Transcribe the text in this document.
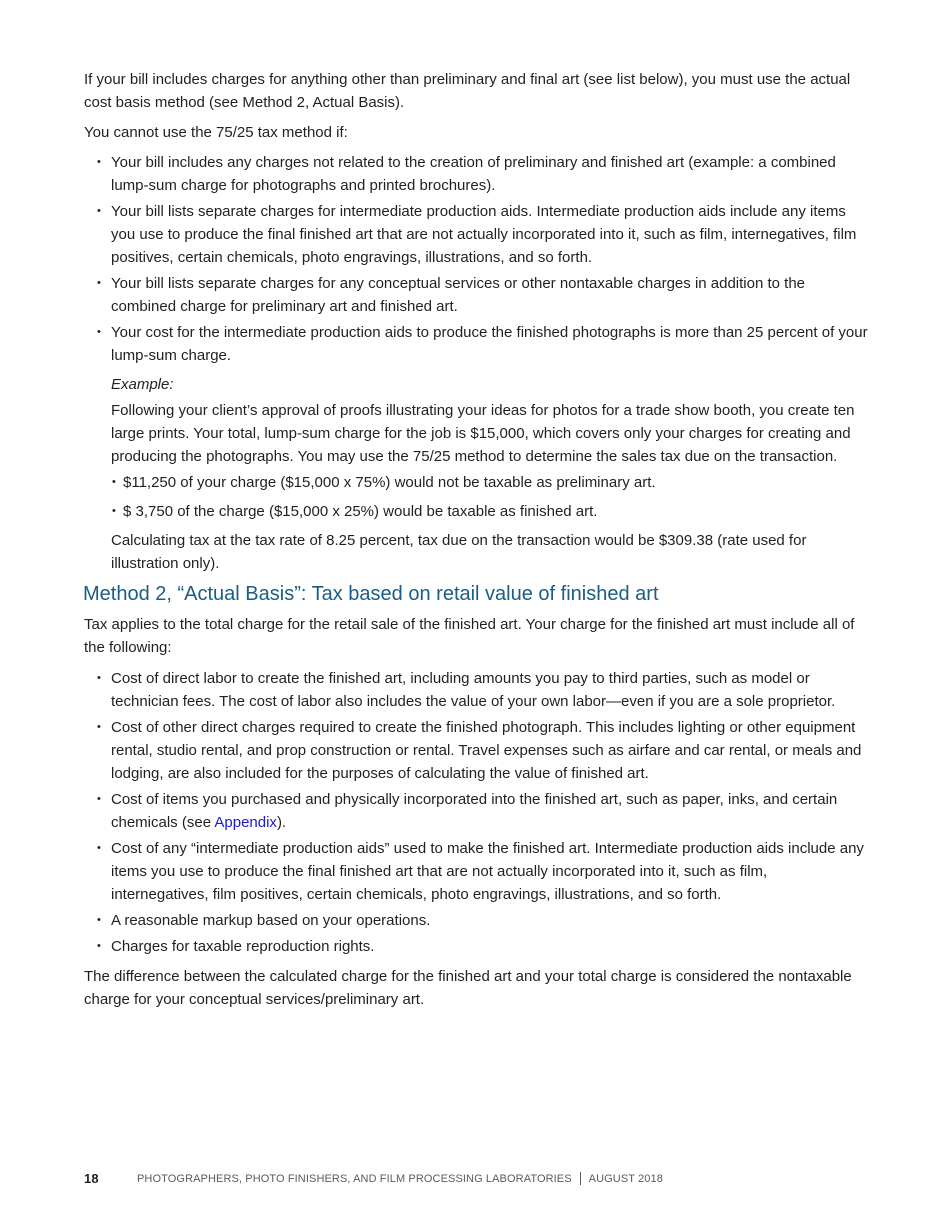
If your bill includes charges for anything other than preliminary and final art (see list below), you must use the actual cost basis method (see Method 2, Actual Basis).

You cannot use the 75/25 tax method if:

• Your bill includes any charges not related to the creation of preliminary and finished art (example: a combined lump-sum charge for photographs and printed brochures).
• Your bill lists separate charges for intermediate production aids. Intermediate production aids include any items you use to produce the final finished art that are not actually incorporated into it, such as film, internegatives, film positives, certain chemicals, photo engravings, illustrations, and so forth.
• Your bill lists separate charges for any conceptual services or other nontaxable charges in addition to the combined charge for preliminary art and finished art.
• Your cost for the intermediate production aids to produce the finished photographs is more than 25 percent of your lump-sum charge.

Example:

Following your client’s approval of proofs illustrating your ideas for photos for a trade show booth, you create ten large prints. Your total, lump-sum charge for the job is $15,000, which covers only your charges for creating and producing the photographs. You may use the 75/25 method to determine the sales tax due on the transaction.

• $11,250 of your charge ($15,000 x 75%) would not be taxable as preliminary art.
• $ 3,750 of the charge ($15,000 x 25%) would be taxable as finished art.

Calculating tax at the tax rate of 8.25 percent, tax due on the transaction would be $309.38 (rate used for illustration only).

Method 2, “Actual Basis”: Tax based on retail value of finished art

Tax applies to the total charge for the retail sale of the finished art. Your charge for the finished art must include all of the following:

• Cost of direct labor to create the finished art, including amounts you pay to third parties, such as model or technician fees. The cost of labor also includes the value of your own labor—even if you are a sole proprietor.
• Cost of other direct charges required to create the finished photograph. This includes lighting or other equipment rental, studio rental, and prop construction or rental. Travel expenses such as airfare and car rental, or meals and lodging, are also included for the purposes of calculating the value of finished art.
• Cost of items you purchased and physically incorporated into the finished art, such as paper, inks, and certain chemicals (see Appendix).
• Cost of any “intermediate production aids” used to make the finished art. Intermediate production aids include any items you use to produce the final finished art that are not actually incorporated into it, such as film, internegatives, film positives, certain chemicals, photo engravings, illustrations, and so forth.
• A reasonable markup based on your operations.
• Charges for taxable reproduction rights.

The difference between the calculated charge for the finished art and your total charge is considered the nontaxable charge for your conceptual services/preliminary art.

18	PHOTOGRAPHERS, PHOTO FINISHERS, AND FILM PROCESSING LABORATORIES AUGUST 2018
